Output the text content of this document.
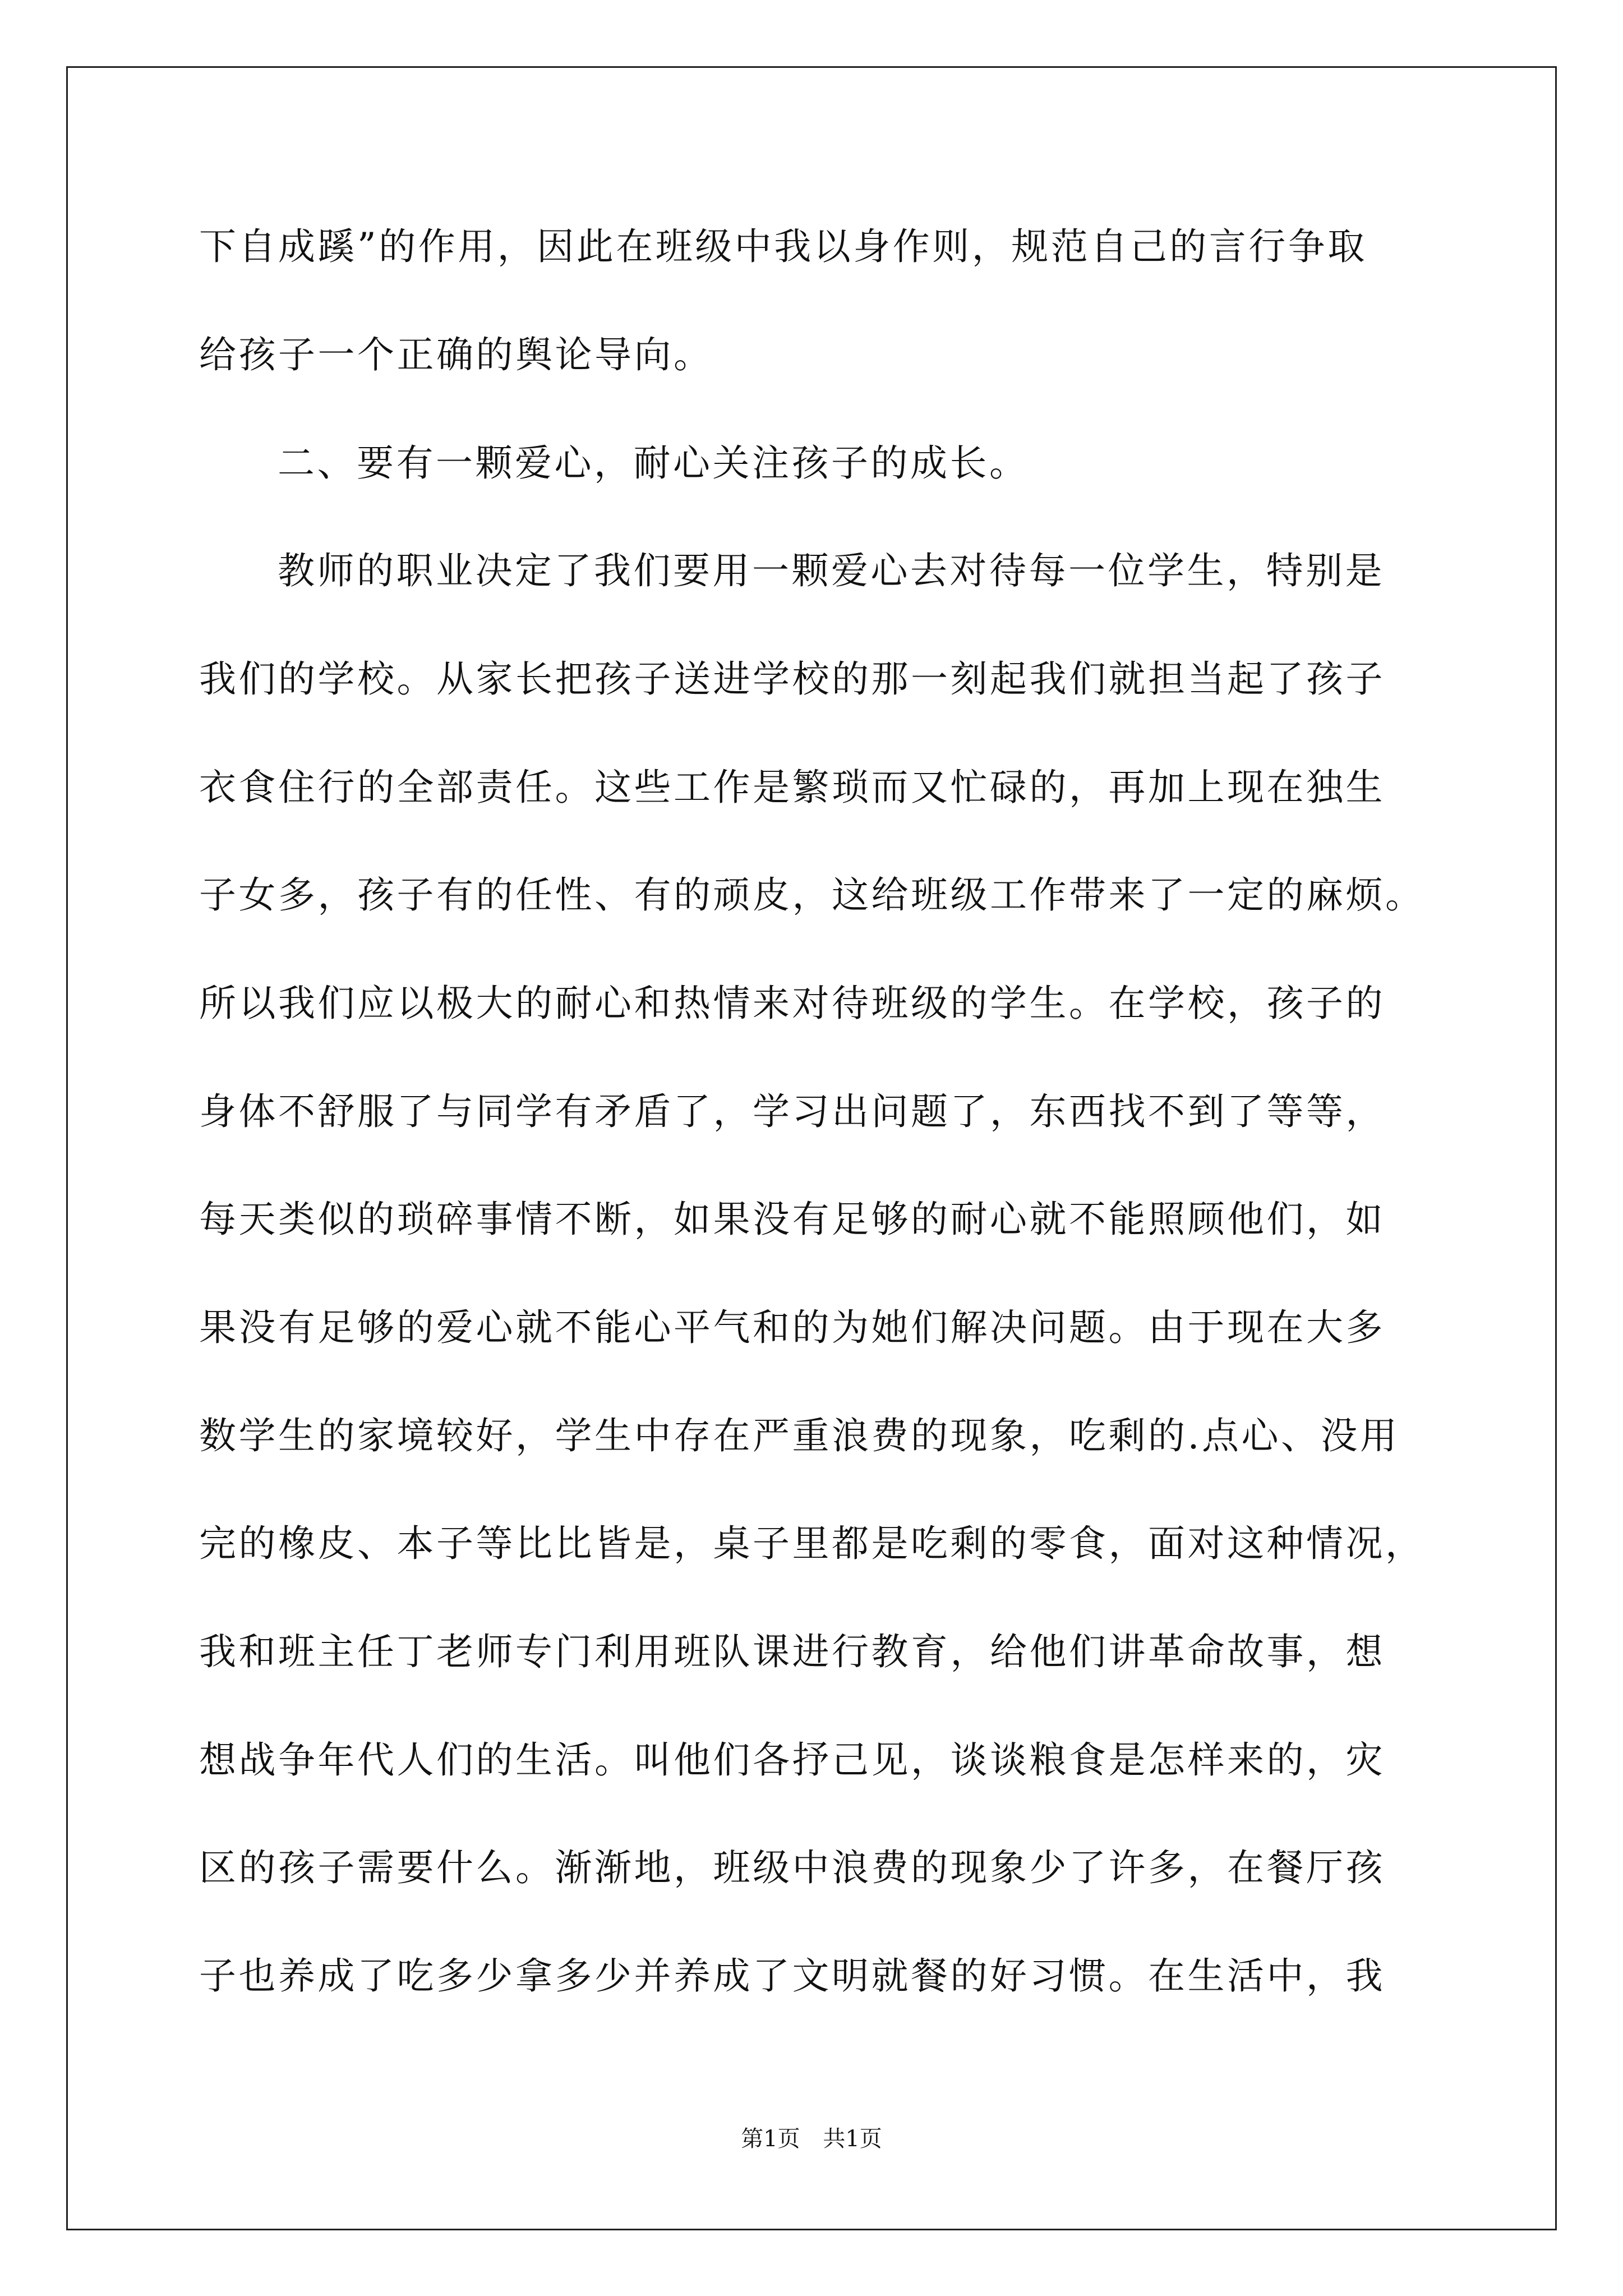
下自成蹊”的作用，因此在班级中我以身作则，规范自己的言行争取
给孩子一个正确的舆论导向。
二、要有一颗爱心，耐心关注孩子的成长。
教师的职业决定了我们要用一颗爱心去对待每一位学生，特别是
我们的学校。从家长把孩子送进学校的那一刻起我们就担当起了孩子
衣食住行的全部责任。这些工作是繁琐而又忙碌的，再加上现在独生
子女多，孩子有的任性、有的顽皮，这给班级工作带来了一定的麻烦。
所以我们应以极大的耐心和热情来对待班级的学生。在学校，孩子的
身体不舒服了与同学有矛盾了，学习出问题了，东西找不到了等等，
每天类似的琐碎事情不断，如果没有足够的耐心就不能照顾他们，如
果没有足够的爱心就不能心平气和的为她们解决问题。由于现在大多
数学生的家境较好，学生中存在严重浪费的现象，吃剩的.点心、没用
完的橡皮、本子等比比皆是，桌子里都是吃剩的零食，面对这种情况，
我和班主任丁老师专门利用班队课进行教育，给他们讲革命故事，想
想战争年代人们的生活。叫他们各抒己见，谈谈粮食是怎样来的，灾
区的孩子需要什么。渐渐地，班级中浪费的现象少了许多，在餐厅孩
子也养成了吃多少拿多少并养成了文明就餐的好习惯。在生活中，我
第1页 共1页
